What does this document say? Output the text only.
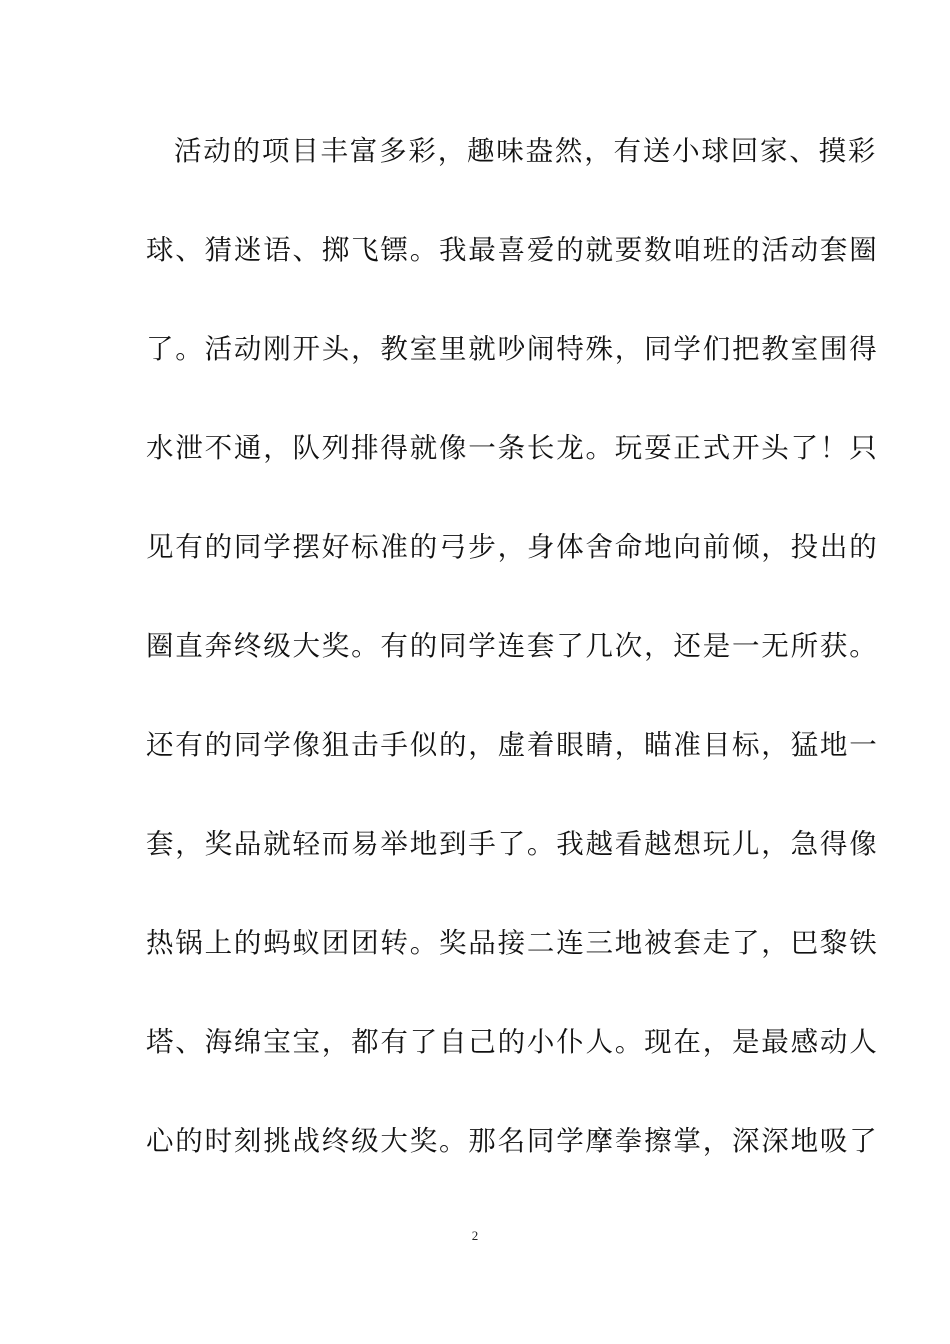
活动的项目丰富多彩，趣味盎然，有送小球回家、摸彩
球、猜迷语、掷飞镖。我最喜爱的就要数咱班的活动套圈
了。活动刚开头，教室里就吵闹特殊，同学们把教室围得
水泄不通，队列排得就像一条长龙。玩耍正式开头了！只
见有的同学摆好标准的弓步，身体舍命地向前倾，投出的
圈直奔终级大奖。有的同学连套了几次，还是一无所获。
还有的同学像狙击手似的，虚着眼睛，瞄准目标，猛地一
套，奖品就轻而易举地到手了。我越看越想玩儿，急得像
热锅上的蚂蚁团团转。奖品接二连三地被套走了，巴黎铁
塔、海绵宝宝，都有了自己的小仆人。现在，是最感动人
心的时刻挑战终级大奖。那名同学摩拳擦掌，深深地吸了
2
